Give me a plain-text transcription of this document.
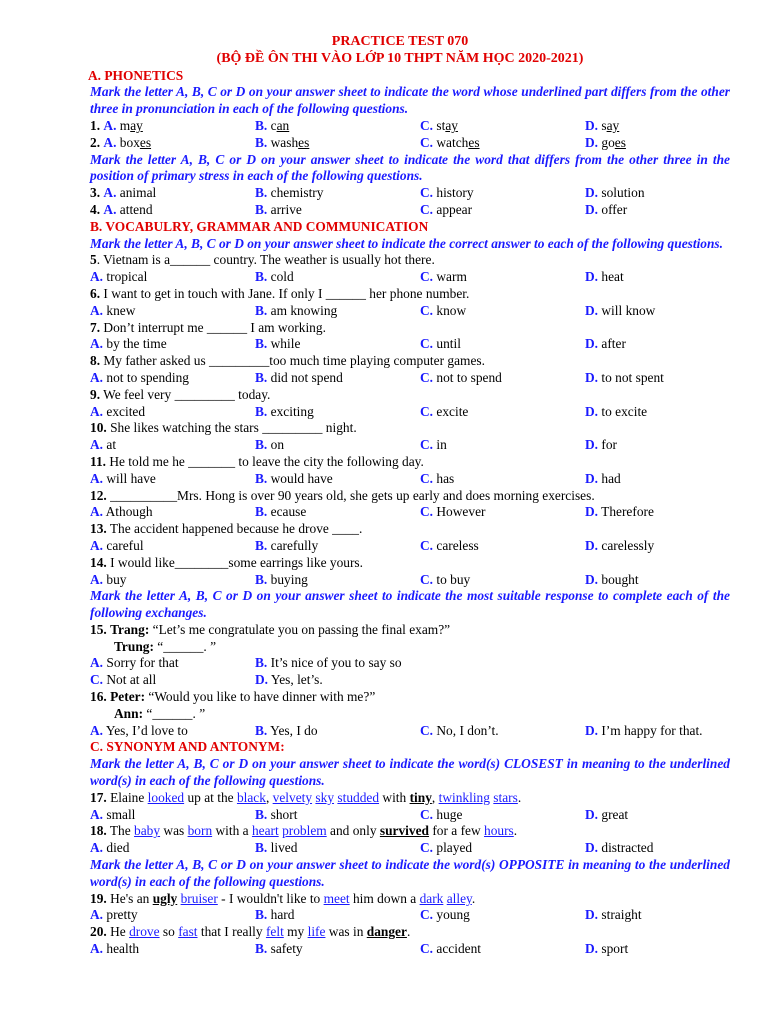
PRACTICE TEST 070
(BỘ ĐỀ ÔN THI VÀO LỚP 10 THPT NĂM HỌC 2020-2021)
A. PHONETICS
Mark the letter A, B, C or D on your answer sheet to indicate the word whose underlined part differs from the other three in pronunciation in each of the following questions.
1. A. may	B. can	C. stay	D. say
2. A. boxes	B. washes	C. watches	D. goes
Mark the letter A, B, C or D on your answer sheet to indicate the word that differs from the other three in the position of primary stress in each of the following questions.
3. A. animal	B. chemistry	C. history	D. solution
4. A. attend	B. arrive	C. appear	D. offer
B. VOCABULRY, GRAMMAR AND COMMUNICATION
Mark the letter A, B, C or D on your answer sheet to indicate the correct answer to each of the following questions.
5. Vietnam is a______ country. The weather is usually hot there.
A. tropical	B. cold	C. warm	D. heat
6. I want to get in touch with Jane. If only I ______ her phone number.
A. knew	B. am knowing	C. know	D. will know
7. Don’t interrupt me ______ I am working.
A. by the time	B. while	C. until	D. after
8. My father asked us _________too much time playing computer games.
A. not to spending	B. did not spend	C. not to spend	D. to not spent
9. We feel very _________ today.
A. excited	B. exciting	C. excite	D. to excite
10. She likes watching the stars _________ night.
A. at	B. on	C. in	D. for
11. He told me he _______ to leave the city the following day.
A. will have	B. would have	C. has	D. had
12. __________Mrs. Hong is over 90 years old, she gets up early and does morning exercises.
A. Athough	B. ecause	C. However	D. Therefore
13. The accident happened because he drove ____.
A. careful	B. carefully	C. careless	D. carelessly
14. I would like________some earrings like yours.
A. buy	B. buying	C. to buy	D. bought
Mark the letter A, B, C or D on your answer sheet to indicate the most suitable response to complete each of the following exchanges.
15. Trang: “Let’s me congratulate you on passing the final exam?”
Trung: “______. ”
A. Sorry for that	B. It’s nice of you to say so
C. Not at all	D. Yes, let’s.
16. Peter: “Would you like to have dinner with me?”
Ann: “______. ”
A. Yes, I’d love to	B. Yes, I do	C. No, I don’t.	D. I’m happy for that.
C. SYNONYM AND ANTONYM:
Mark the letter A, B, C or D on your answer sheet to indicate the word(s) CLOSEST in meaning to the underlined word(s) in each of the following questions.
17. Elaine looked up at the black, velvety sky studded with tiny, twinkling stars.
A. small	B. short	C. huge	D. great
18. The baby was born with a heart problem and only survived for a few hours.
A. died	B. lived	C. played	D. distracted
Mark the letter A, B, C or D on your answer sheet to indicate the word(s) OPPOSITE in meaning to the underlined word(s) in each of the following questions.
19. He's an ugly bruiser - I wouldn't like to meet him down a dark alley.
A. pretty	B. hard	C. young	D. straight
20. He drove so fast that I really felt my life was in danger.
A. health	B. safety	C. accident	D. sport
